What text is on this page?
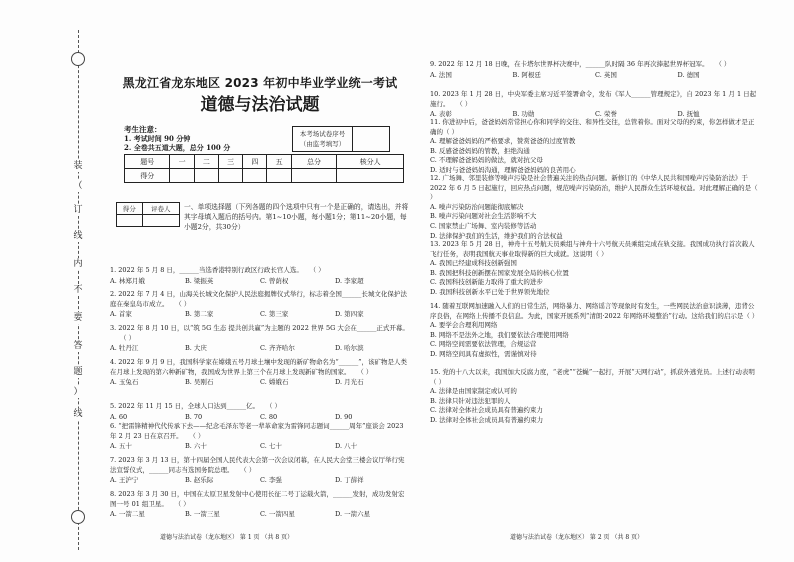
装
（
订
线
内
不
要
答
题
）
线
黑龙江省龙东地区 2023 年初中毕业学业统一考试
道德与法治试题
考生注意：
1. 考试时间 90 分钟
2. 全卷共五道大题，总分 100 分
本考场试卷序号
（由监考填写）
题号	一	二	三	四	五	总分	核分人
得分							
得分	评卷人
	一、单项选择题（下列各题的四个选项中只有一个是正确的，请选出，并将其字母填入题后的括号内。第1~10小题，每小题1分；第11~20小题，每小题2分，共30分）
1. 2022 年 5 月 8 日，______当选香港特别行政区行政长官人选。 （ ）
A. 林郑月娥	B. 梁振英	C. 曾荫权	D. 李家超
2. 2022 年 7 月 4 日，山海关长城文化保护人民法庭揭牌仪式举行，标志着全国______长城文化保护法庭在秦皇岛市成立。 （ ）
A. 首家	B. 第二家	C. 第三家	D. 第四家
3. 2022 年 8 月 10 日，以“筑 5G 生态 提共创共赢”为主题的 2022 世界 5G 大会在______正式开幕。（ ）
A. 牡丹江	B. 大庆	C. 齐齐哈尔	D. 哈尔滨
4. 2022 年 9 月 9 日，我国科学家在嫦娥五号月球土壤中发现的新矿物命名为“______”，该矿物是人类在月球上发现的第六种新矿物，我国成为世界上第三个在月球上发现新矿物的国家。 （ ）
A. 玉兔石	B. 吴刚石	C. 嫦娥石	D. 月光石
5. 2022 年 11 月 15 日，全球人口达到______亿。 （ ）
A. 60	B. 70	C. 80	D. 90
6. “把雷锋精神代代传承下去——纪念毛泽东等老一辈革命家为雷锋同志题词______周年”座谈会 2023 年 2 月 23 日在京召开。 （ ）
A. 五十	B. 六十	C. 七十	D. 八十
7. 2023 年 3 月 13 日，第十四届全国人民代表大会第一次会议闭幕，在人民大会堂三楼会议厅举行宪法宣誓仪式，______同志当选国务院总理。 （ ）
A. 王沪宁	B. 赵乐际	C. 李强	D. 丁薛祥
8. 2023 年 3 月 30 日，中国在太原卫星发射中心使用长征二号丁运载火箭，______发射，成功发射宏图一号 01 组卫星。 （ ）
A. 一箭二星	B. 一箭三星	C. 一箭四星	D. 一箭六星
道德与法治试卷（龙东地区） 第 1 页 （共 8 页）
9. 2022 年 12 月 18 日晚，在卡塔尔世界杯决赛中，______队时隔 36 年再次捧起世界杯冠军。 （ ）
A. 法国	B. 阿根廷	C. 英国	D. 德国
10. 2023 年 1 月 28 日，中央军委主席习近平签署命令，发布《军人______管理规定》，自 2023 年 1 月 1 日起施行。 （ ）
A. 表彰	B. 功勋	C. 荣誉	D. 抚恤
11. 你进初中后，爸爸妈妈常常担心你和同学的交往、和异性交往，总管着你。面对父母的约束，你怎样做才是正确的（ ）
A. 理解爸爸妈妈的严格要求，赞赏爸爸的过度管教
B. 反感爸爸妈妈的管教，拒绝沟通
C. 不理解爸爸妈妈的做法，就对抗父母
D. 适时与爸爸妈妈沟通，理解爸爸妈妈的良苦用心
12. 广场舞、邻里装修等噪声污染是社会普遍关注的热点问题。新修订的《中华人民共和国噪声污染防治法》于 2022 年 6 月 5 日起施行，回应热点问题，规范噪声污染防治，维护人民群众生活环境权益。对此理解正确的是（ ）
A. 噪声污染防治问题能彻底解决
B. 噪声污染问题对社会生活影响不大
C. 国家禁止广场舞、室内装修等活动
D. 法律保护我们的生活，维护我们的合法权益
13. 2023 年 5 月 28 日，神舟十五号航天员乘组与神舟十六号航天员乘组完成在轨交接。我国成功执行首次载人飞行任务，表明我国航天事业取得新的巨大成就。这说明（ ）
A. 我国已经建成科技创新强国
B. 我国把科技创新摆在国家发展全局的核心位置
C. 我国科技创新能力取得了重大的进步
D. 我国科技创新水平已处于世界领先地位
14. 随着互联网加速融入人们的日常生活，网络暴力、网络谣言等现象时有发生，一些网民法治意识淡薄，违背公序良俗，在网络上传播不良信息。为此，国家开展系列“清朗·2022 年网络环境整治”行动。这给我们的启示是（ ）
A. 要学会合理利用网络
B. 网络不是法外之地，我们要依法合理使用网络
C. 网络空间需要依法管理，合规运营
D. 网络空间具有虚拟性，需谨慎对待
15. 党的十八大以来，我国加大反腐力度，“老虎”“苍蝇”一起打，开展“天网行动”，抓获外逃党员。上述行动表明（ ）
A. 法律是由国家制定或认可的
B. 法律只针对违法犯罪的人
C. 法律对全体社会成员具有普遍约束力
D. 法律对全体社会成员具有普遍约束力
道德与法治试卷（龙东地区） 第 2 页 （共 8 页）
